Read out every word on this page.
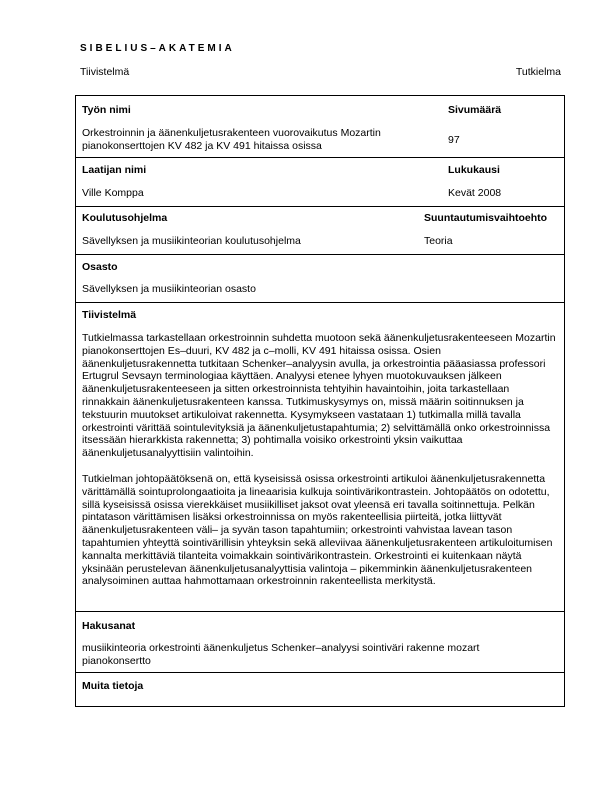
SIBELIUS–AKATEMIA
Tiivistelmä	Tutkielma
Työn nimi	Sivumäärä
Orkestroinnin ja äänenkuljetusrakenteen vuorovaikutus Mozartin pianokonserttojen KV 482 ja KV 491 hitaissa osissa	97
Laatijan nimi	Lukukausi
Ville Komppa	Kevät 2008
Koulutusohjelma	Suuntautumisvaihtoehto
Sävellyksen ja musiikinteorian koulutusohjelma	Teoria
Osasto
Sävellyksen ja musiikinteorian osasto
Tiivistelmä
Tutkielmassa tarkastellaan orkestroinnin suhdetta muotoon sekä äänenkuljetusrakenteeseen Mozartin pianokonserttojen Es–duuri, KV 482 ja c–molli, KV 491 hitaissa osissa. Osien äänenkuljetusrakennetta tutkitaan Schenker–analyysin avulla, ja orkestrointia pääasiassa professori Ertugrul Sevsayn terminologiaa käyttäen. Analyysi etenee lyhyen muotokuvauksen jälkeen äänenkuljetusrakenteeseen ja sitten orkestroinnista tehtyihin havaintoihin, joita tarkastellaan rinnakkain äänenkuljetusrakenteen kanssa. Tutkimuskysymys on, missä määrin soitinnuksen ja tekstuurin muutokset artikuloivat rakennetta. Kysymykseen vastataan 1) tutkimalla millä tavalla orkestrointi värittää sointulevityksiä ja äänenkuljetustapahtumia; 2) selvittämällä onko orkestroinnissa itsessään hierarkkista rakennetta; 3) pohtimalla voisiko orkestrointi yksin vaikuttaa äänenkuljetusanalyyttisiin valintoihin.
Tutkielman johtopäätöksenä on, että kyseisissä osissa orkestrointi artikuloi äänenkuljetusrakennetta värittämällä sointuprolongaatioita ja lineaarisia kulkuja sointivärikontrastein. Johtopäätös on odotettu, sillä kyseisissä osissa vierekkäiset musiikilliset jaksot ovat yleensä eri tavalla soitinnettuja. Pelkän pintatason värittämisen lisäksi orkestroinnissa on myös rakenteellisia piirteitä, jotka liittyvät äänenkuljetusrakenteen väli– ja syvän tason tapahtumiin; orkestrointi vahvistaa lavean tason tapahtumien yhteyttä sointivärillisin yhteyksin sekä alleviivaa äänenkuljetusrakenteen artikuloitumisen kannalta merkittäviä tilanteita voimakkain sointivärikontrastein. Orkestrointi ei kuitenkaan näytä yksinään perustelevan äänenkuljetusanalyyttisia valintoja – pikemminkin äänenkuljetusrakenteen analysoiminen auttaa hahmottamaan orkestroinnin rakenteellista merkitystä.
Hakusanat
musiikinteoria orkestrointi äänenkuljetus Schenker–analyysi sointiväri rakenne mozart pianokonsertto
Muita tietoja
